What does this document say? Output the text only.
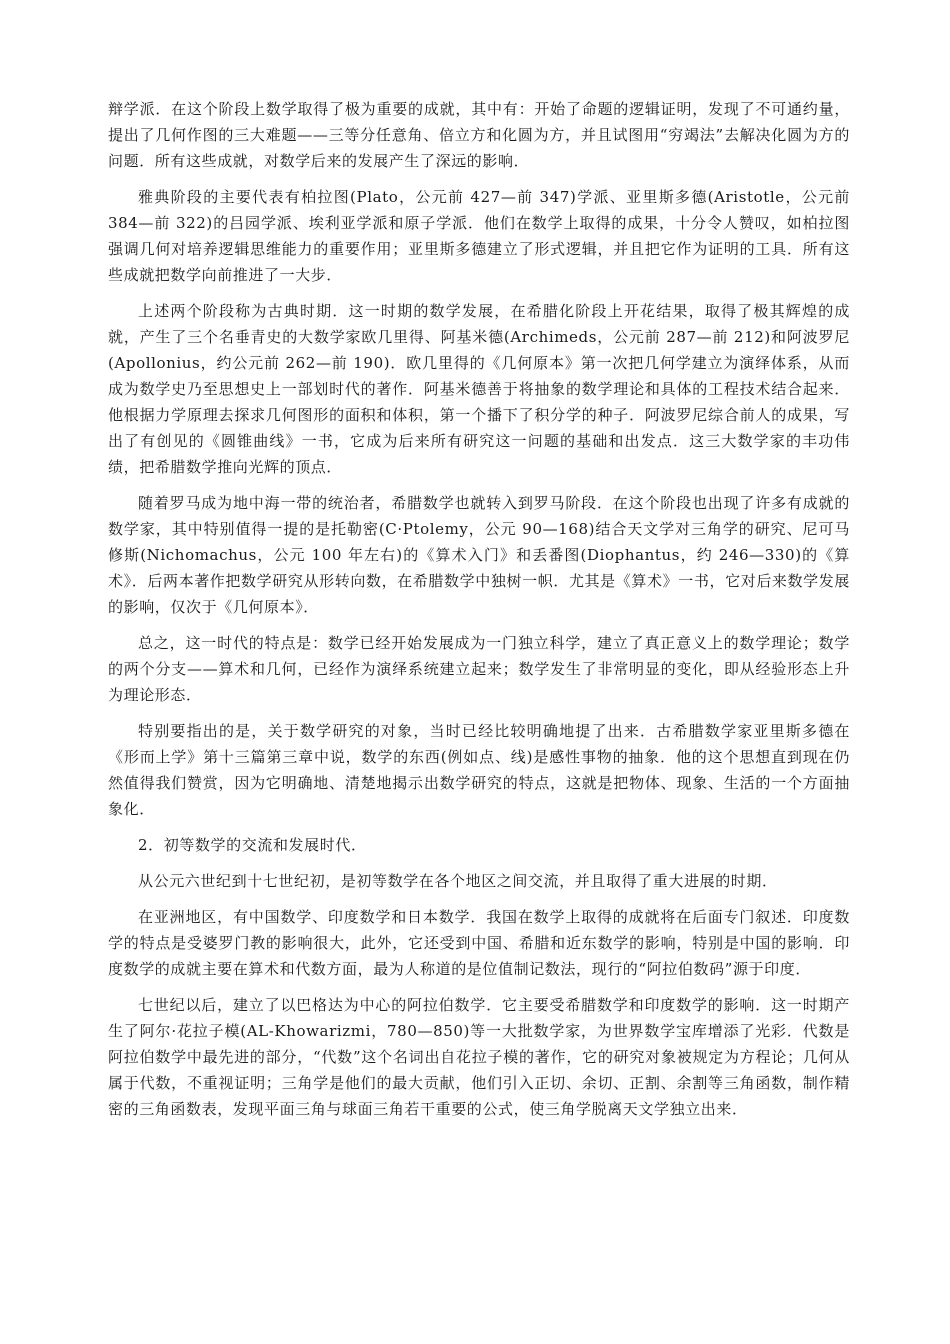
辩学派．在这个阶段上数学取得了极为重要的成就，其中有：开始了命题的逻辑证明，发现了不可通约量，提出了几何作图的三大难题——三等分任意角、倍立方和化圆为方，并且试图用“穷竭法”去解决化圆为方的问题．所有这些成就，对数学后来的发展产生了深远的影响．

雅典阶段的主要代表有柏拉图(Plato，公元前 427—前 347)学派、亚里斯多德(Aristotle，公元前 384—前 322)的吕园学派、埃利亚学派和原子学派．他们在数学上取得的成果，十分令人赞叹，如柏拉图强调几何对培养逻辑思维能力的重要作用；亚里斯多德建立了形式逻辑，并且把它作为证明的工具．所有这些成就把数学向前推进了一大步．

上述两个阶段称为古典时期．这一时期的数学发展，在希腊化阶段上开花结果，取得了极其辉煌的成就，产生了三个名垂青史的大数学家欧几里得、阿基米德(Archimeds，公元前 287—前 212)和阿波罗尼(Apollonius，约公元前 262—前 190)．欧几里得的《几何原本》第一次把几何学建立为演绎体系，从而成为数学史乃至思想史上一部划时代的著作．阿基米德善于将抽象的数学理论和具体的工程技术结合起来．他根据力学原理去探求几何图形的面积和体积，第一个播下了积分学的种子．阿波罗尼综合前人的成果，写出了有创见的《圆锥曲线》一书，它成为后来所有研究这一问题的基础和出发点．这三大数学家的丰功伟绩，把希腊数学推向光辉的顶点．

随着罗马成为地中海一带的统治者，希腊数学也就转入到罗马阶段．在这个阶段也出现了许多有成就的数学家，其中特别值得一提的是托勒密(C·Ptolemy，公元 90—168)结合天文学对三角学的研究、尼可马修斯(Nichomachus，公元 100 年左右)的《算术入门》和丢番图(Diophantus，约 246—330)的《算术》．后两本著作把数学研究从形转向数，在希腊数学中独树一帜．尤其是《算术》一书，它对后来数学发展的影响，仅次于《几何原本》．

总之，这一时代的特点是：数学已经开始发展成为一门独立科学，建立了真正意义上的数学理论；数学的两个分支——算术和几何，已经作为演绎系统建立起来；数学发生了非常明显的变化，即从经验形态上升为理论形态．

特别要指出的是，关于数学研究的对象，当时已经比较明确地提了出来．古希腊数学家亚里斯多德在《形而上学》第十三篇第三章中说，数学的东西(例如点、线)是感性事物的抽象．他的这个思想直到现在仍然值得我们赞赏，因为它明确地、清楚地揭示出数学研究的特点，这就是把物体、现象、生活的一个方面抽象化．

2．初等数学的交流和发展时代．

从公元六世纪到十七世纪初，是初等数学在各个地区之间交流，并且取得了重大进展的时期．

在亚洲地区，有中国数学、印度数学和日本数学．我国在数学上取得的成就将在后面专门叙述．印度数学的特点是受婆罗门教的影响很大，此外，它还受到中国、希腊和近东数学的影响，特别是中国的影响．印度数学的成就主要在算术和代数方面，最为人称道的是位值制记数法，现行的“阿拉伯数码”源于印度．

七世纪以后，建立了以巴格达为中心的阿拉伯数学．它主要受希腊数学和印度数学的影响．这一时期产生了阿尔·花拉子模(AL-Khowarizmi，780—850)等一大批数学家，为世界数学宝库增添了光彩．代数是阿拉伯数学中最先进的部分，“代数”这个名词出自花拉子模的著作，它的研究对象被规定为方程论；几何从属于代数，不重视证明；三角学是他们的最大贡献，他们引入正切、余切、正割、余割等三角函数，制作精密的三角函数表，发现平面三角与球面三角若干重要的公式，使三角学脱离天文学独立出来．
